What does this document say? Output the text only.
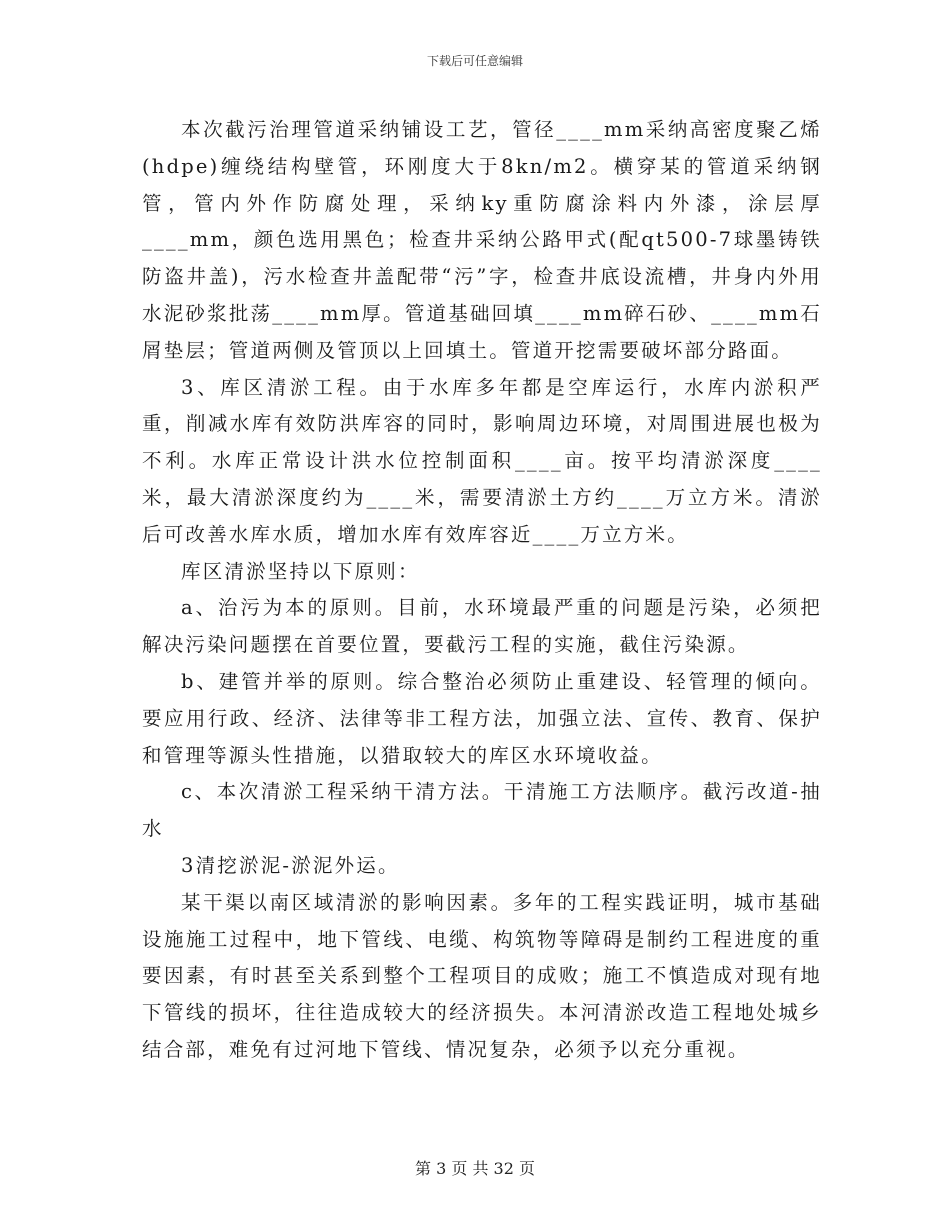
下载后可任意编辑

本次截污治理管道采纳铺设工艺，管径____mm采纳高密度聚乙烯(hdpe)缠绕结构壁管，环刚度大于8kn/m2。横穿某的管道采纳钢管，管内外作防腐处理，采纳ky重防腐涂料内外漆，涂层厚____mm，颜色选用黑色；检查井采纳公路甲式(配qt500-7球墨铸铁防盗井盖)，污水检查井盖配带“污”字，检查井底设流槽，井身内外用水泥砂浆批荡____mm厚。管道基础回填____mm碎石砂、____mm石屑垫层；管道两侧及管顶以上回填土。管道开挖需要破坏部分路面。

3、库区清淤工程。由于水库多年都是空库运行，水库内淤积严重，削减水库有效防洪库容的同时，影响周边环境，对周围进展也极为不利。水库正常设计洪水位控制面积____亩。按平均清淤深度____米，最大清淤深度约为____米，需要清淤土方约____万立方米。清淤后可改善水库水质，增加水库有效库容近____万立方米。

库区清淤坚持以下原则：

a、治污为本的原则。目前，水环境最严重的问题是污染，必须把解决污染问题摆在首要位置，要截污工程的实施，截住污染源。

b、建管并举的原则。综合整治必须防止重建设、轻管理的倾向。要应用行政、经济、法律等非工程方法，加强立法、宣传、教育、保护和管理等源头性措施，以猎取较大的库区水环境收益。

c、本次清淤工程采纳干清方法。干清施工方法顺序。截污改道-抽水

3清挖淤泥-淤泥外运。

某干渠以南区域清淤的影响因素。多年的工程实践证明，城市基础设施施工过程中，地下管线、电缆、构筑物等障碍是制约工程进度的重要因素，有时甚至关系到整个工程项目的成败；施工不慎造成对现有地下管线的损坏，往往造成较大的经济损失。本河清淤改造工程地处城乡结合部，难免有过河地下管线、情况复杂，必须予以充分重视。

第 3 页 共 32 页
